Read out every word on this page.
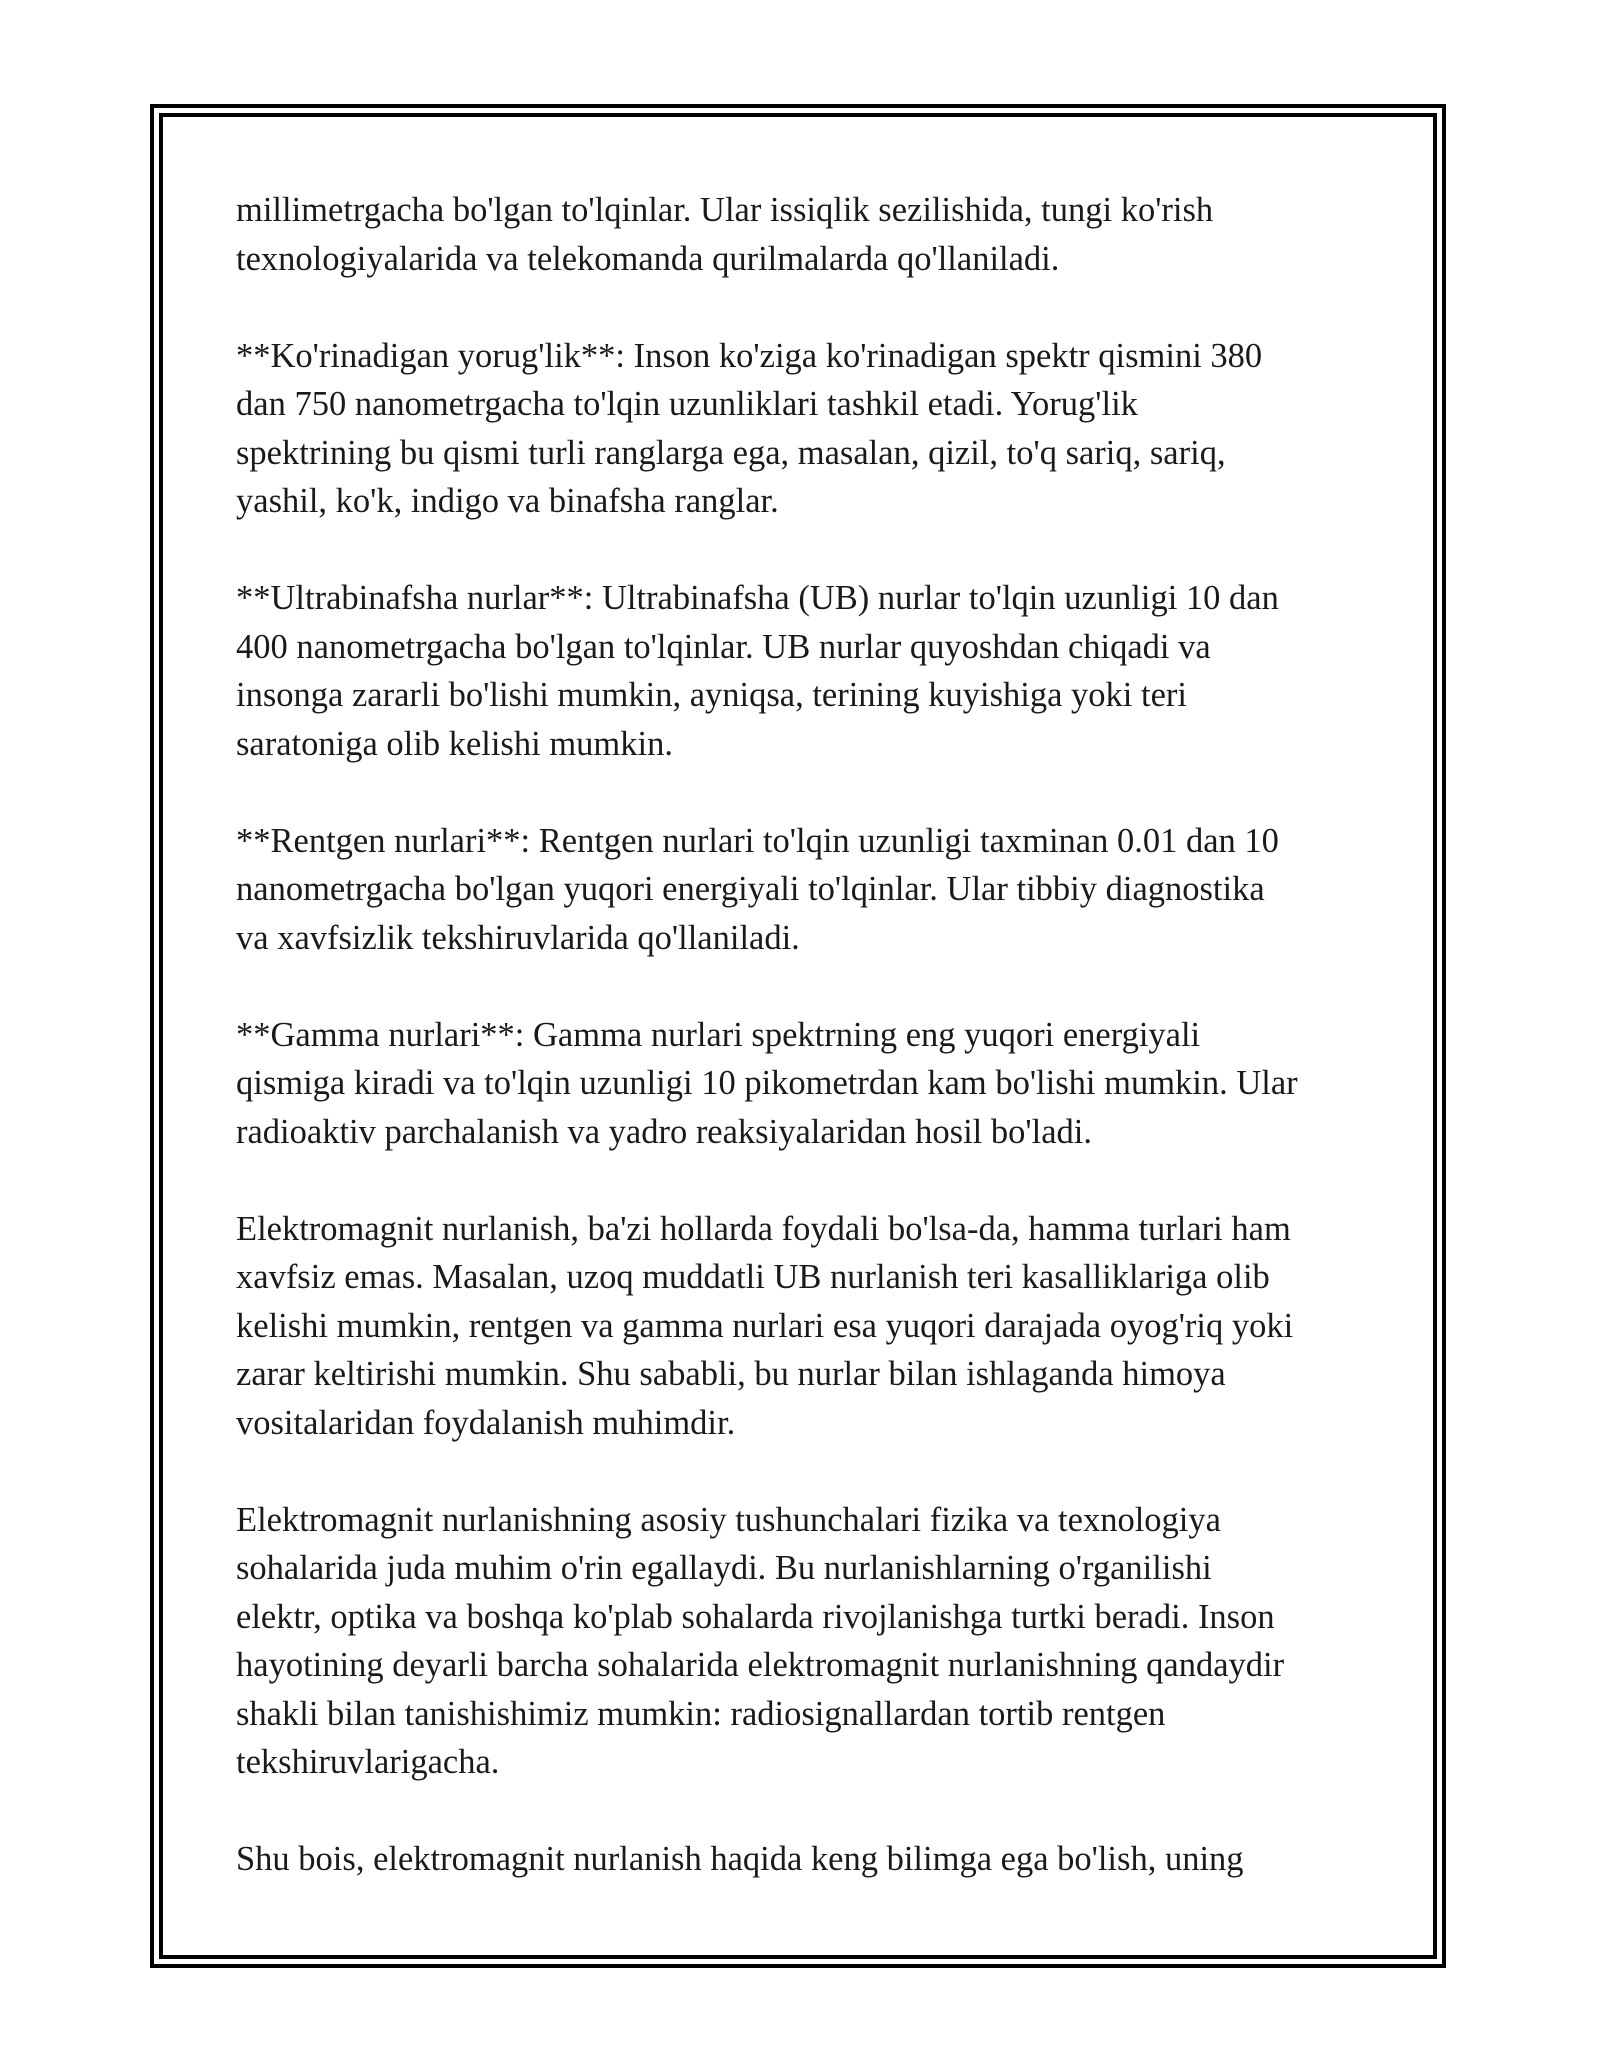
millimetrgacha bo'lgan to'lqinlar. Ular issiqlik sezilishida, tungi ko'rish
texnologiyalarida va telekomanda qurilmalarda qo'llaniladi.
**Ko'rinadigan yorug'lik**: Inson ko'ziga ko'rinadigan spektr qismini 380
dan 750 nanometrgacha to'lqin uzunliklari tashkil etadi. Yorug'lik
spektrining bu qismi turli ranglarga ega, masalan, qizil, to'q sariq, sariq,
yashil, ko'k, indigo va binafsha ranglar.
**Ultrabinafsha nurlar**: Ultrabinafsha (UB) nurlar to'lqin uzunligi 10 dan
400 nanometrgacha bo'lgan to'lqinlar. UB nurlar quyoshdan chiqadi va
insonga zararli bo'lishi mumkin, ayniqsa, terining kuyishiga yoki teri
saratoniga olib kelishi mumkin.
**Rentgen nurlari**: Rentgen nurlari to'lqin uzunligi taxminan 0.01 dan 10
nanometrgacha bo'lgan yuqori energiyali to'lqinlar. Ular tibbiy diagnostika
va xavfsizlik tekshiruvlarida qo'llaniladi.
**Gamma nurlari**: Gamma nurlari spektrning eng yuqori energiyali
qismiga kiradi va to'lqin uzunligi 10 pikometrdan kam bo'lishi mumkin. Ular
radioaktiv parchalanish va yadro reaksiyalaridan hosil bo'ladi.
Elektromagnit nurlanish, ba'zi hollarda foydali bo'lsa-da, hamma turlari ham
xavfsiz emas. Masalan, uzoq muddatli UB nurlanish teri kasalliklariga olib
kelishi mumkin, rentgen va gamma nurlari esa yuqori darajada oyog'riq yoki
zarar keltirishi mumkin. Shu sababli, bu nurlar bilan ishlaganda himoya
vositalaridan foydalanish muhimdir.
Elektromagnit nurlanishning asosiy tushunchalari fizika va texnologiya
sohalarida juda muhim o'rin egallaydi. Bu nurlanishlarning o'rganilishi
elektr, optika va boshqa ko'plab sohalarda rivojlanishga turtki beradi. Inson
hayotining deyarli barcha sohalarida elektromagnit nurlanishning qandaydir
shakli bilan tanishishimiz mumkin: radiosignallardan tortib rentgen
tekshiruvlarigacha.
Shu bois, elektromagnit nurlanish haqida keng bilimga ega bo'lish, uning
